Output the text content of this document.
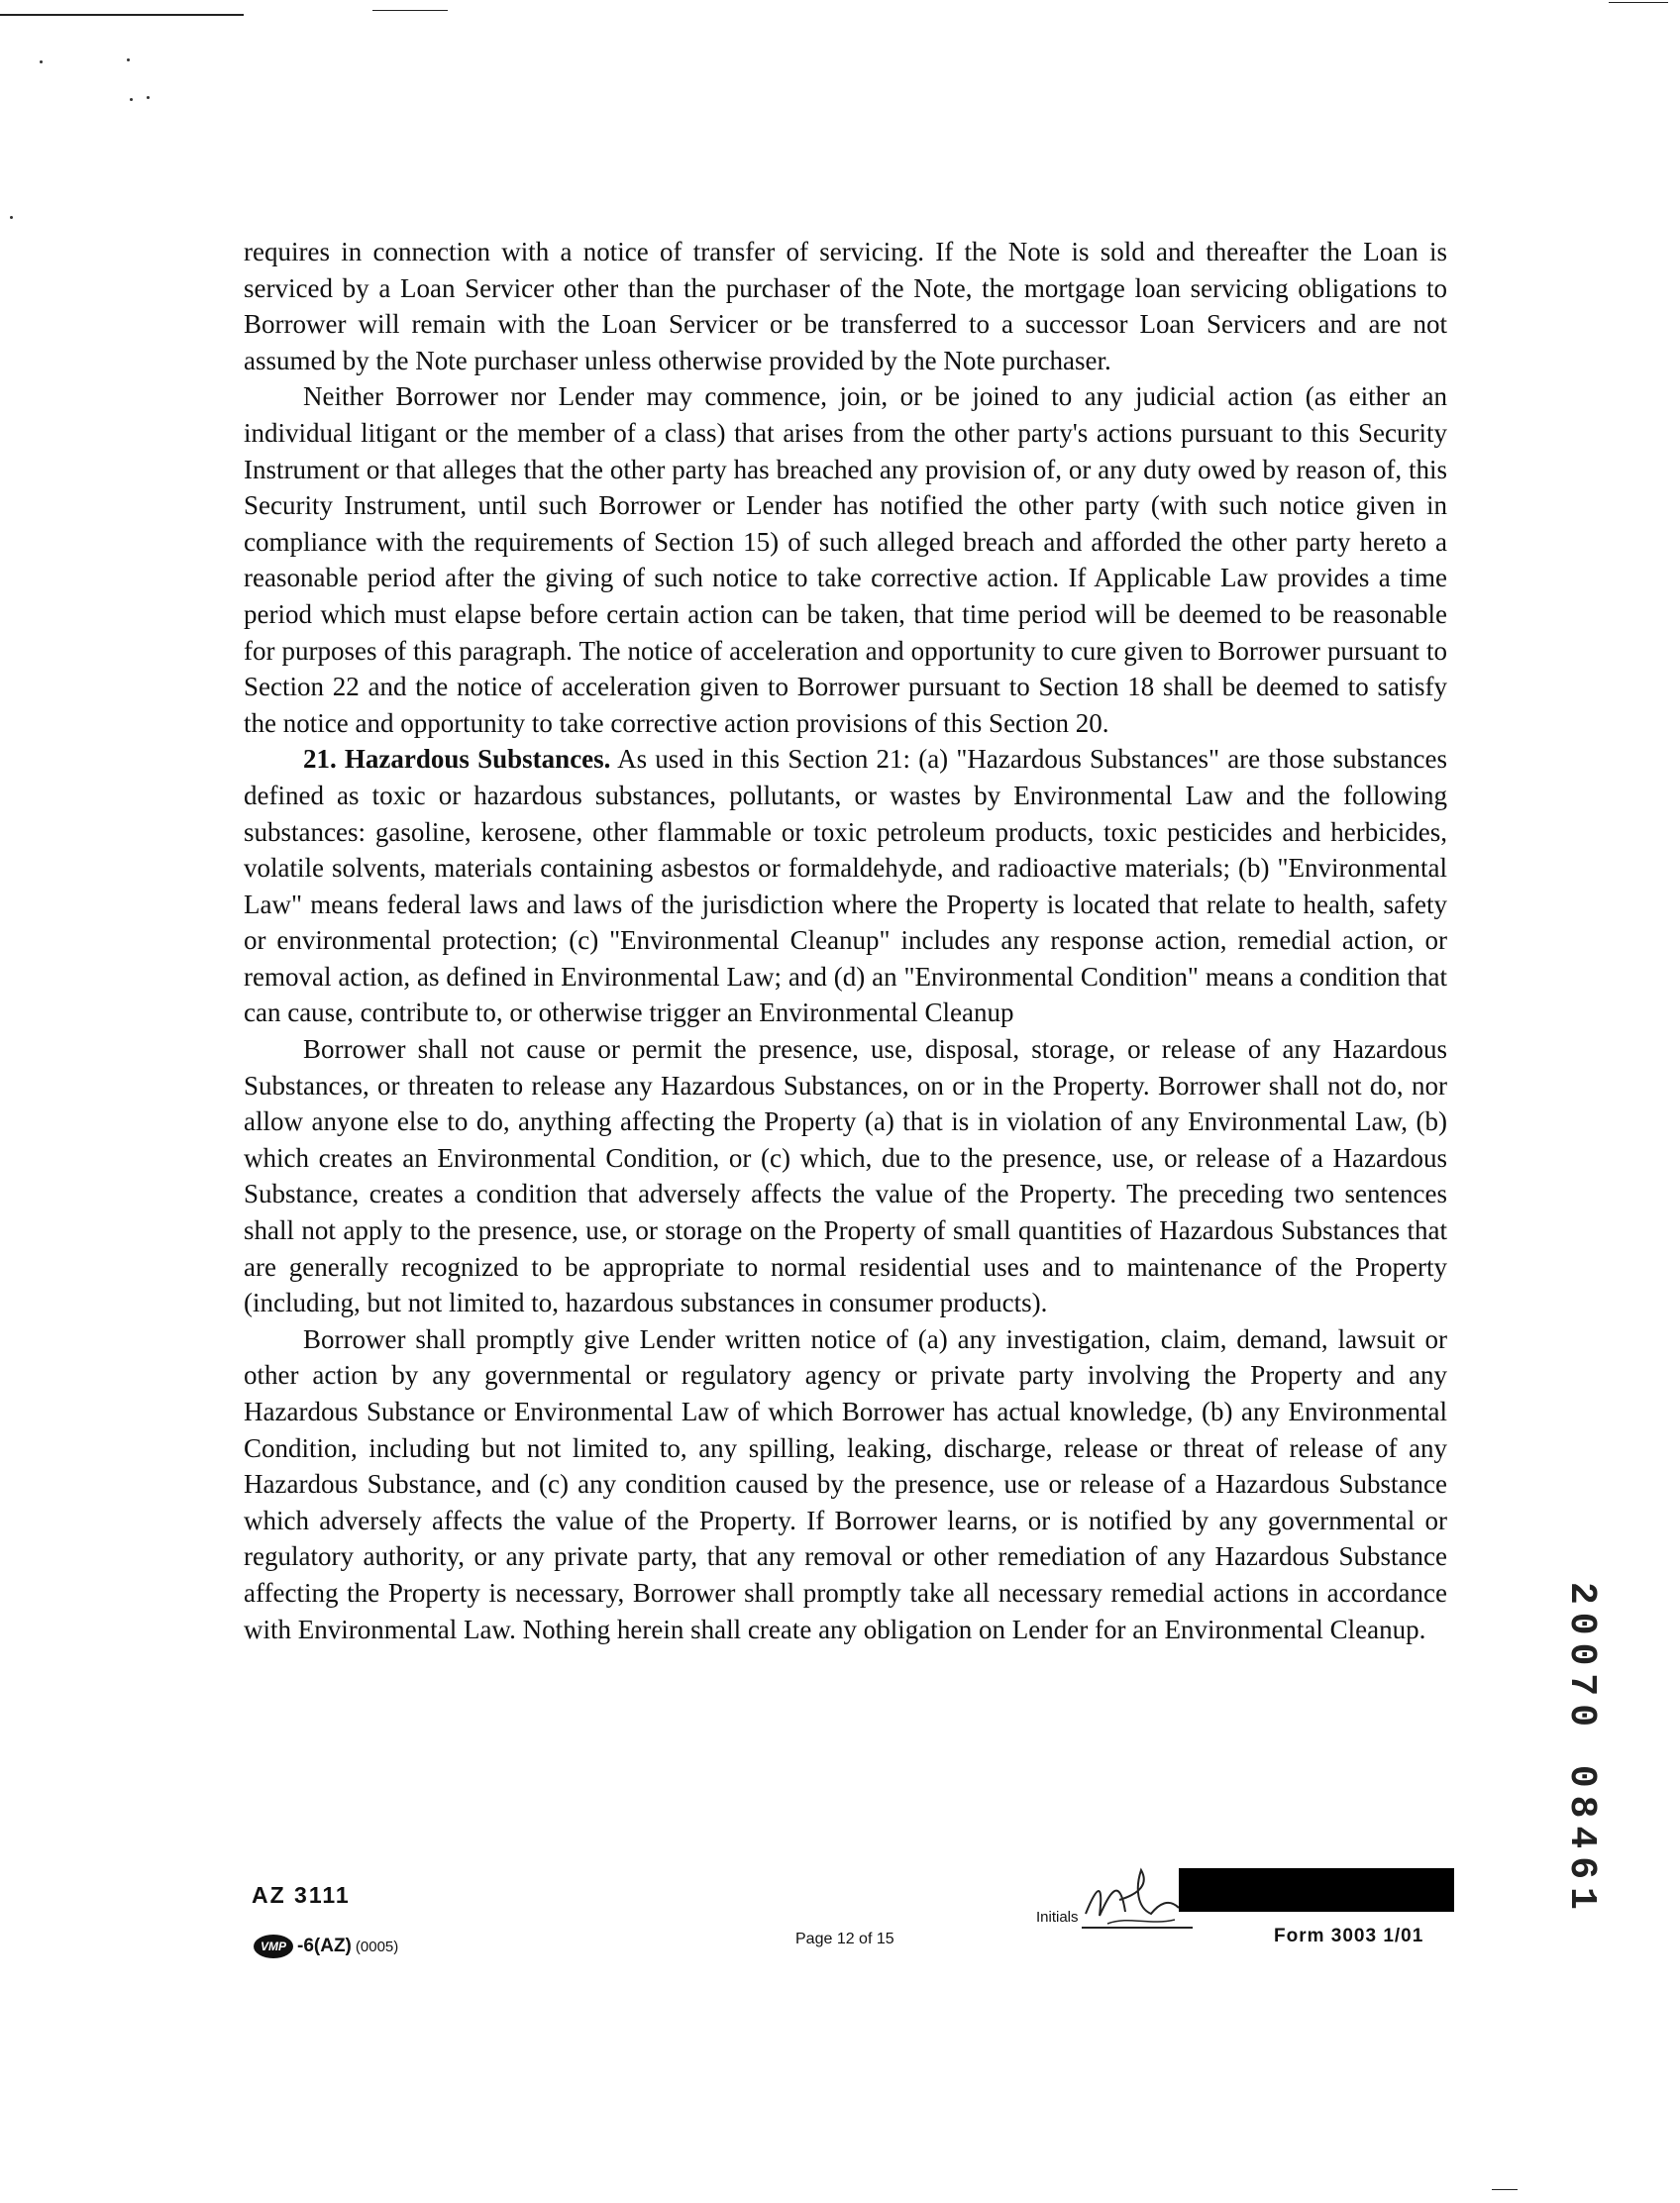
requires in connection with a notice of transfer of servicing. If the Note is sold and thereafter the Loan is serviced by a Loan Servicer other than the purchaser of the Note, the mortgage loan servicing obligations to Borrower will remain with the Loan Servicer or be transferred to a successor Loan Servicers and are not assumed by the Note purchaser unless otherwise provided by the Note purchaser.

Neither Borrower nor Lender may commence, join, or be joined to any judicial action (as either an individual litigant or the member of a class) that arises from the other party's actions pursuant to this Security Instrument or that alleges that the other party has breached any provision of, or any duty owed by reason of, this Security Instrument, until such Borrower or Lender has notified the other party (with such notice given in compliance with the requirements of Section 15) of such alleged breach and afforded the other party hereto a reasonable period after the giving of such notice to take corrective action. If Applicable Law provides a time period which must elapse before certain action can be taken, that time period will be deemed to be reasonable for purposes of this paragraph. The notice of acceleration and opportunity to cure given to Borrower pursuant to Section 22 and the notice of acceleration given to Borrower pursuant to Section 18 shall be deemed to satisfy the notice and opportunity to take corrective action provisions of this Section 20.

21. Hazardous Substances. As used in this Section 21: (a) "Hazardous Substances" are those substances defined as toxic or hazardous substances, pollutants, or wastes by Environmental Law and the following substances: gasoline, kerosene, other flammable or toxic petroleum products, toxic pesticides and herbicides, volatile solvents, materials containing asbestos or formaldehyde, and radioactive materials; (b) "Environmental Law" means federal laws and laws of the jurisdiction where the Property is located that relate to health, safety or environmental protection; (c) "Environmental Cleanup" includes any response action, remedial action, or removal action, as defined in Environmental Law; and (d) an "Environmental Condition" means a condition that can cause, contribute to, or otherwise trigger an Environmental Cleanup

Borrower shall not cause or permit the presence, use, disposal, storage, or release of any Hazardous Substances, or threaten to release any Hazardous Substances, on or in the Property. Borrower shall not do, nor allow anyone else to do, anything affecting the Property (a) that is in violation of any Environmental Law, (b) which creates an Environmental Condition, or (c) which, due to the presence, use, or release of a Hazardous Substance, creates a condition that adversely affects the value of the Property. The preceding two sentences shall not apply to the presence, use, or storage on the Property of small quantities of Hazardous Substances that are generally recognized to be appropriate to normal residential uses and to maintenance of the Property (including, but not limited to, hazardous substances in consumer products).

Borrower shall promptly give Lender written notice of (a) any investigation, claim, demand, lawsuit or other action by any governmental or regulatory agency or private party involving the Property and any Hazardous Substance or Environmental Law of which Borrower has actual knowledge, (b) any Environmental Condition, including but not limited to, any spilling, leaking, discharge, release or threat of release of any Hazardous Substance, and (c) any condition caused by the presence, use or release of a Hazardous Substance which adversely affects the value of the Property. If Borrower learns, or is notified by any governmental or regulatory authority, or any private party, that any removal or other remediation of any Hazardous Substance affecting the Property is necessary, Borrower shall promptly take all necessary remedial actions in accordance with Environmental Law. Nothing herein shall create any obligation on Lender for an Environmental Cleanup.

AZ 3111
VMP -6(AZ) (0005)	Page 12 of 15
Initials
Form 3003 1/01
20070 08461
